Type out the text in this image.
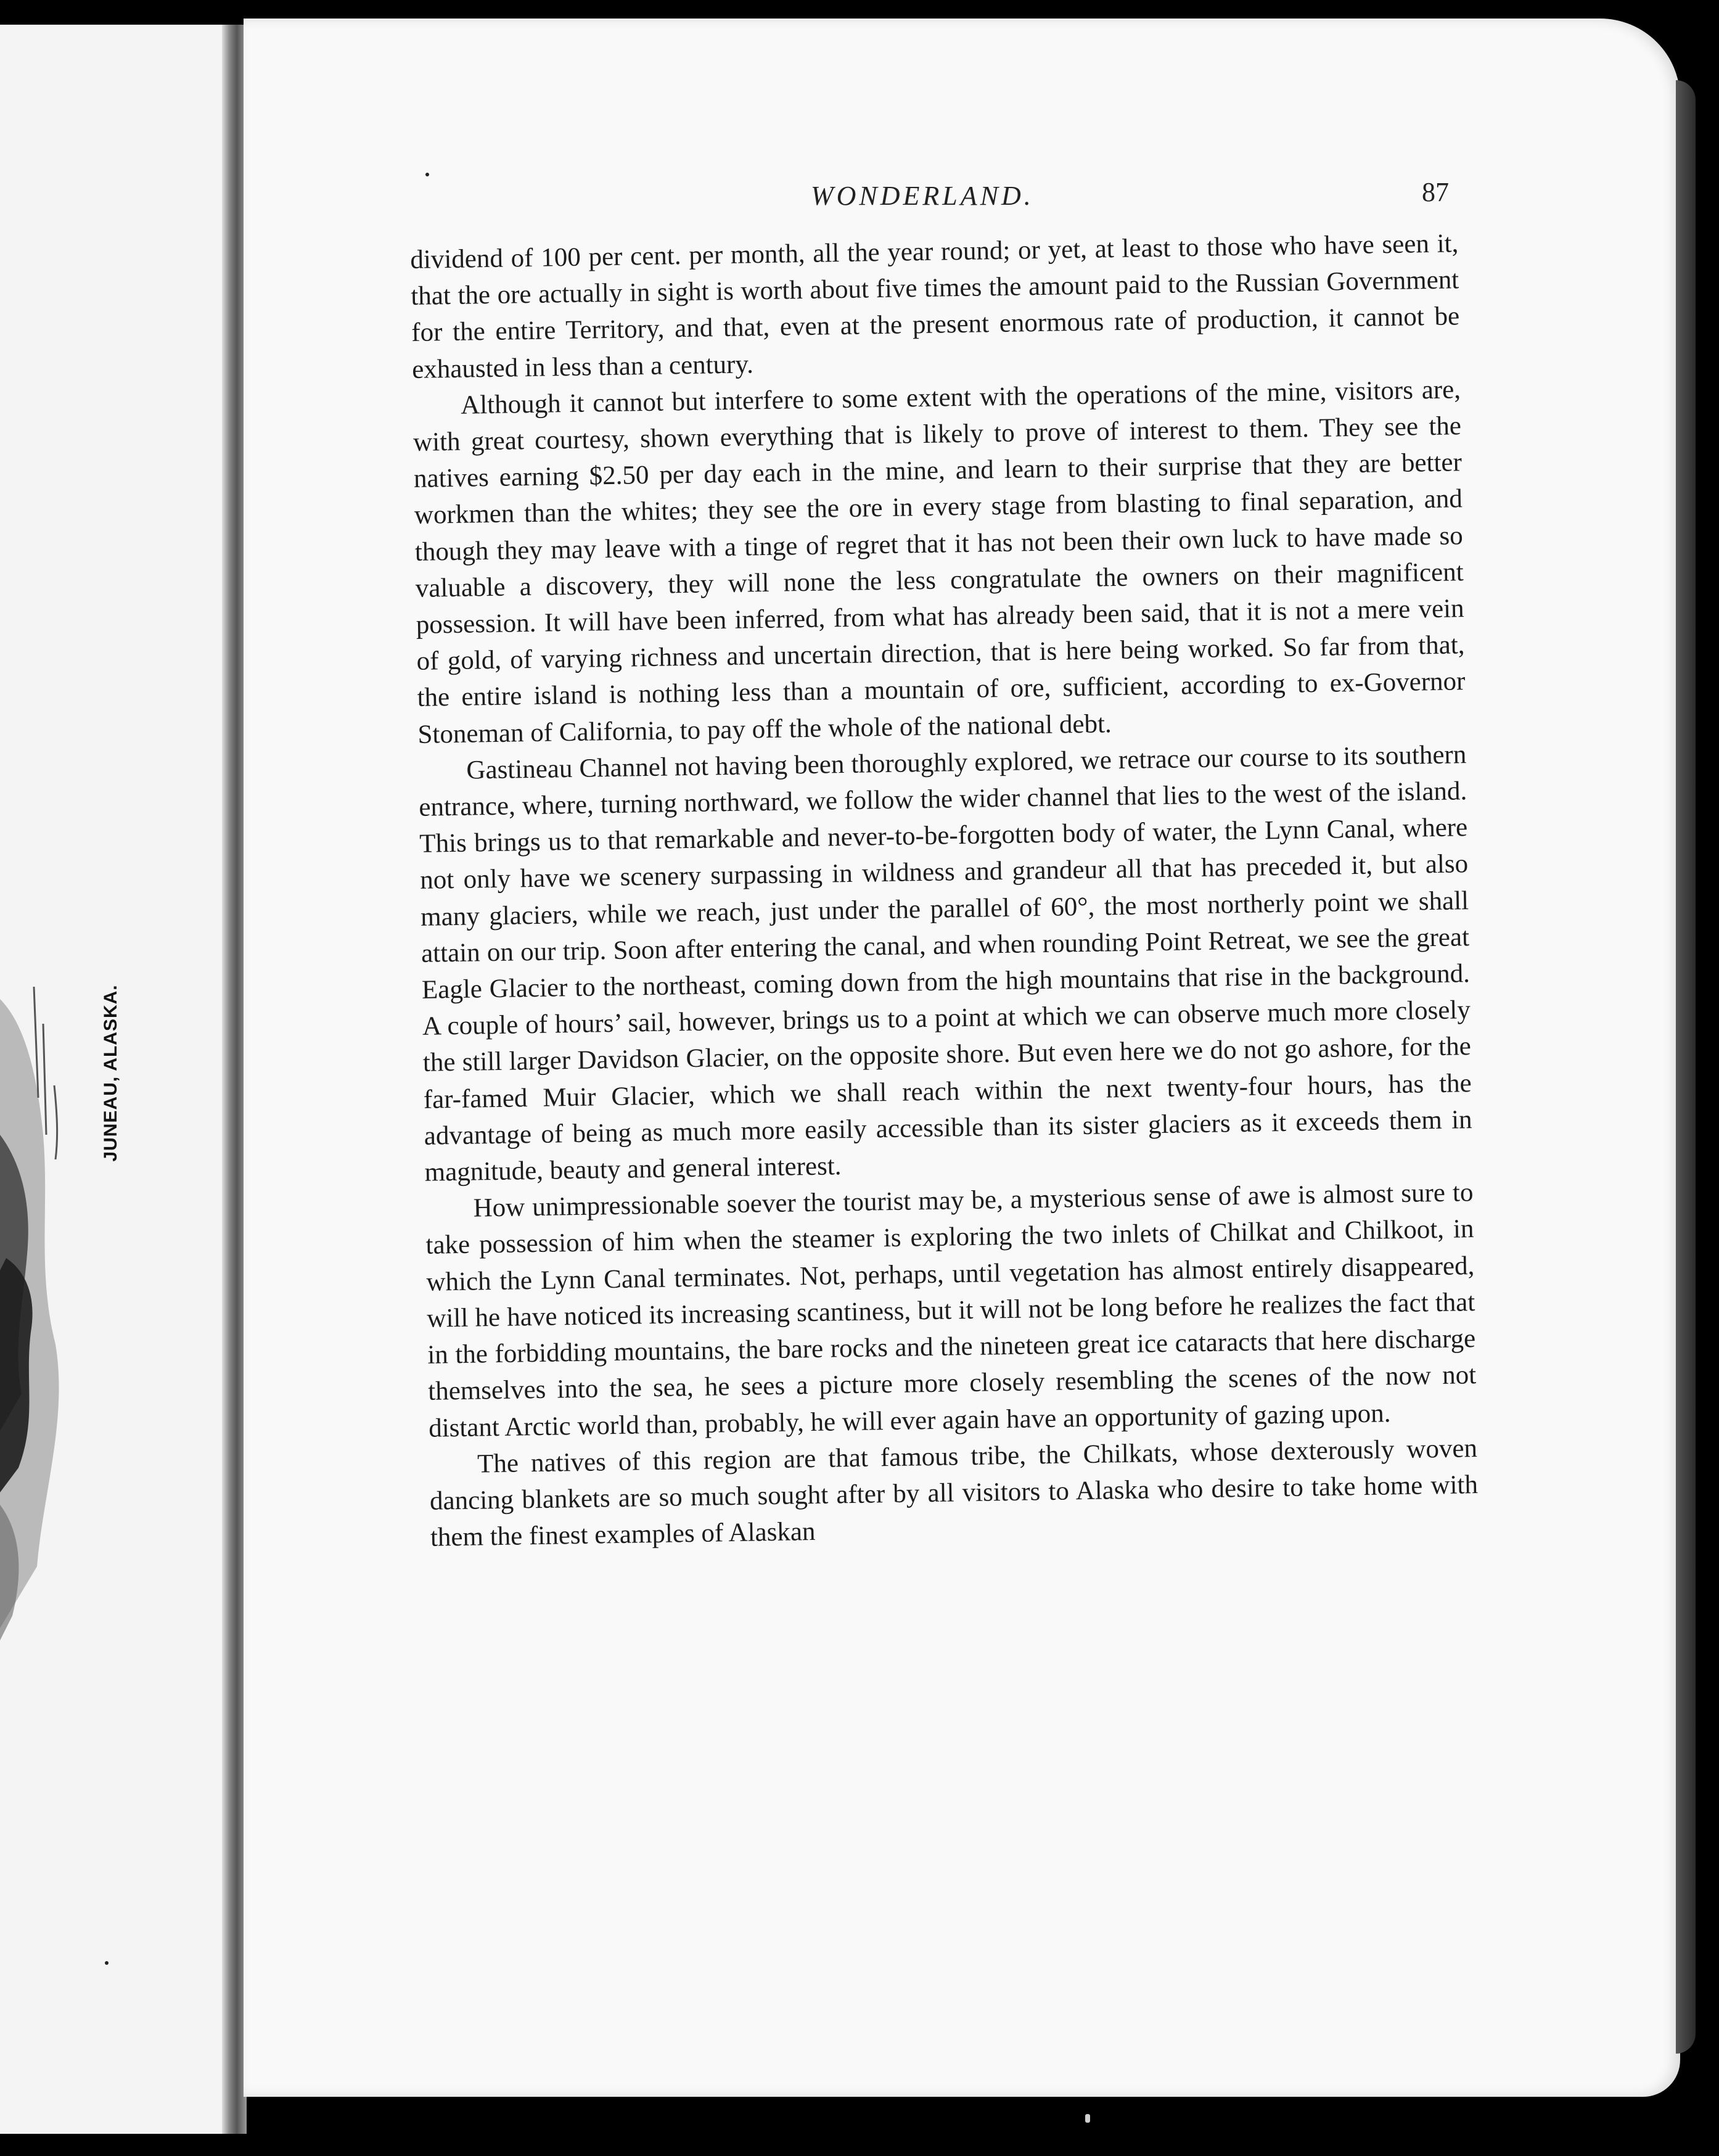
JUNEAU, ALASKA.
WONDERLAND.	87

dividend of 100 per cent. per month, all the year round; or yet, at least to those who have seen it, that the ore actually in sight is worth about five times the amount paid to the Russian Government for the entire Territory, and that, even at the present enormous rate of production, it cannot be exhausted in less than a century.

Although it cannot but interfere to some extent with the operations of the mine, visitors are, with great courtesy, shown everything that is likely to prove of interest to them. They see the natives earning $2.50 per day each in the mine, and learn to their surprise that they are better workmen than the whites; they see the ore in every stage from blasting to final separation, and though they may leave with a tinge of regret that it has not been their own luck to have made so valuable a discovery, they will none the less congratulate the owners on their magnificent possession. It will have been inferred, from what has already been said, that it is not a mere vein of gold, of varying richness and uncertain direction, that is here being worked. So far from that, the entire island is nothing less than a mountain of ore, sufficient, according to ex-Governor Stoneman of California, to pay off the whole of the national debt.

Gastineau Channel not having been thoroughly explored, we retrace our course to its southern entrance, where, turning northward, we follow the wider channel that lies to the west of the island. This brings us to that remarkable and never-to-be-forgotten body of water, the Lynn Canal, where not only have we scenery surpassing in wildness and grandeur all that has preceded it, but also many glaciers, while we reach, just under the parallel of 60°, the most northerly point we shall attain on our trip. Soon after entering the canal, and when rounding Point Retreat, we see the great Eagle Glacier to the northeast, coming down from the high mountains that rise in the background. A couple of hours’ sail, however, brings us to a point at which we can observe much more closely the still larger Davidson Glacier, on the opposite shore. But even here we do not go ashore, for the far-famed Muir Glacier, which we shall reach within the next twenty-four hours, has the advantage of being as much more easily accessible than its sister glaciers as it exceeds them in magnitude, beauty and general interest.

How unimpressionable soever the tourist may be, a mysterious sense of awe is almost sure to take possession of him when the steamer is exploring the two inlets of Chilkat and Chilkoot, in which the Lynn Canal terminates. Not, perhaps, until vegetation has almost entirely disappeared, will he have noticed its increasing scantiness, but it will not be long before he realizes the fact that in the forbidding mountains, the bare rocks and the nineteen great ice cataracts that here discharge themselves into the sea, he sees a picture more closely resembling the scenes of the now not distant Arctic world than, probably, he will ever again have an opportunity of gazing upon.

The natives of this region are that famous tribe, the Chilkats, whose dexterously woven dancing blankets are so much sought after by all visitors to Alaska who desire to take home with them the finest examples of Alaskan
